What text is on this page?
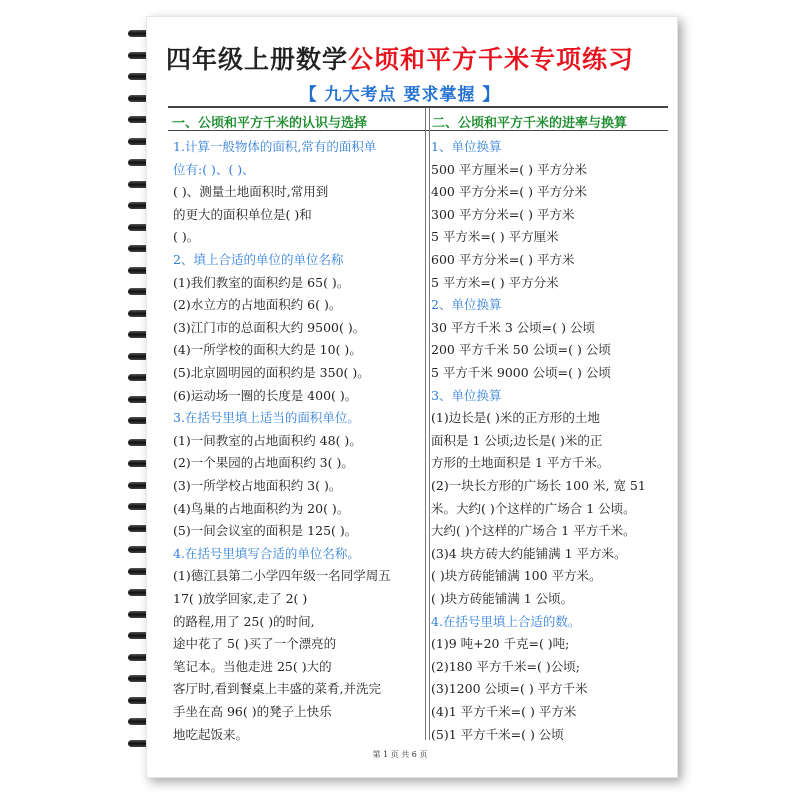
四年级上册数学公顷和平方千米专项练习
【 九大考点 要求掌握 】
一、公顷和平方千米的认识与选择	二、公顷和平方千米的进率与换算
1.计算一般物体的面积,常有的面积单
位有:( )、( )、
( )、测量土地面积时,常用到
的更大的面积单位是( )和
( )。
2、填上合适的单位的单位名称
(1)我们教室的面积约是 65( )。
(2)水立方的占地面积约 6( )。
(3)江门市的总面积大约 9500( )。
(4)一所学校的面积大约是 10( )。
(5)北京圆明园的面积约是 350( )。
(6)运动场一圈的长度是 400( )。
3.在括号里填上适当的面积单位。
(1)一间教室的占地面积约 48( )。
(2)一个果园的占地面积约 3( )。
(3)一所学校占地面积约 3( )。
(4)鸟巢的占地面积约为 20( )。
(5)一间会议室的面积是 125( )。
4.在括号里填写合适的单位名称。
(1)德江县第二小学四年级一名同学周五
17( )放学回家,走了 2( )
的路程,用了 25( )的时间,
途中花了 5( )买了一个漂亮的
笔记本。当他走进 25( )大的
客厅时,看到餐桌上丰盛的菜肴,并洗完
手坐在高 96( )的凳子上快乐
地吃起饭来。
1、单位换算
500 平方厘米=( ) 平方分米
400 平方分米=( ) 平方分米
300 平方分米=( ) 平方米
5 平方米=( ) 平方厘米
600 平方分米=( ) 平方米
5 平方米=( ) 平方分米
2、单位换算
30 平方千米 3 公顷=( ) 公顷
200 平方千米 50 公顷=( ) 公顷
5 平方千米 9000 公顷=( ) 公顷
3、单位换算
(1)边长是( )米的正方形的土地
面积是 1 公顷;边长是( )米的正
方形的土地面积是 1 平方千米。
(2)一块长方形的广场长 100 米, 宽 51
米。大约( )个这样的广场合 1 公顷。
大约( )个这样的广场合 1 平方千米。
(3)4 块方砖大约能铺满 1 平方米。
( )块方砖能铺满 100 平方米。
( )块方砖能铺满 1 公顷。
4.在括号里填上合适的数。
(1)9 吨+20 千克=( )吨;
(2)180 平方千米=( )公顷;
(3)1200 公顷=( ) 平方千米
(4)1 平方千米=( ) 平方米
(5)1 平方千米=( ) 公顷
第 1 页 共 6 页
